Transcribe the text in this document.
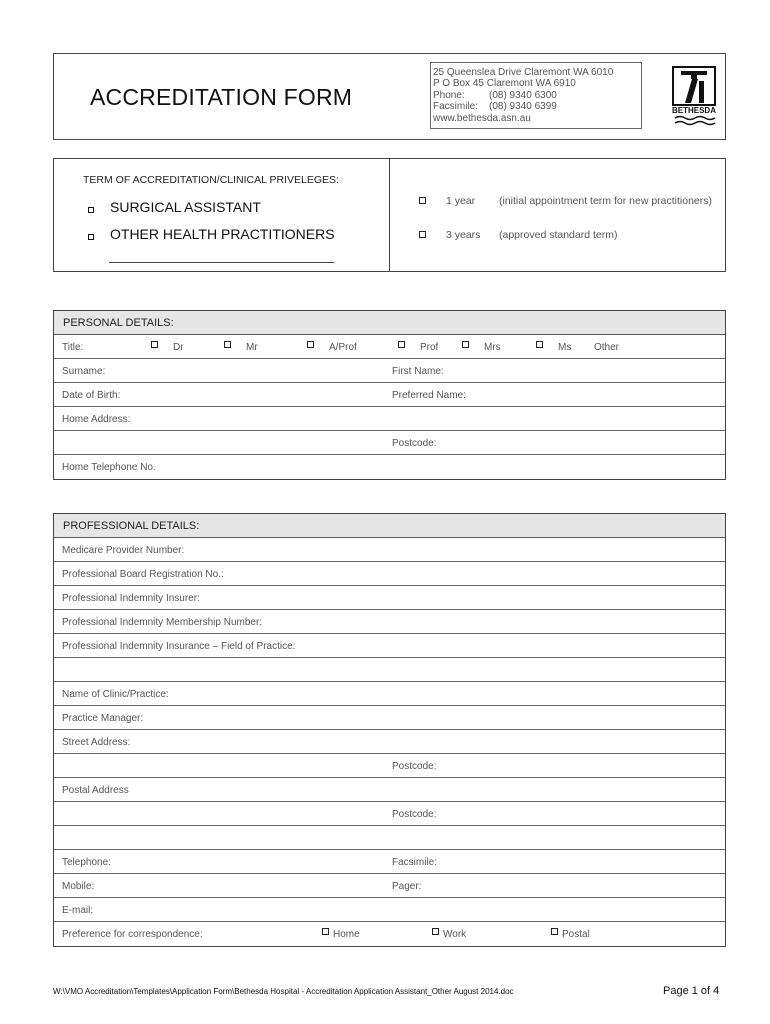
ACCREDITATION FORM
25 Queenslea Drive Claremont WA 6010
P O Box 45 Claremont WA 6910
Phone: (08) 9340 6300
Facsimile: (08) 9340 6399
www.bethesda.asn.au
BETHESDA
TERM OF ACCREDITATION/CLINICAL PRIVELEGES:
SURGICAL ASSISTANT
OTHER HEALTH PRACTITIONERS
1 year (initial appointment term for new practitioners)
3 years (approved standard term)
PERSONAL DETAILS:
Title:	Dr	Mr	A/Prof	Prof	Mrs	Ms Other
Surname:	First Name:
Date of Birth:	Preferred Name:
Home Address:
Postcode:
Home Telephone No.
PROFESSIONAL DETAILS:
Medicare Provider Number:
Professional Board Registration No.:
Professional Indemnity Insurer:
Professional Indemnity Membership Number:
Professional Indemnity Insurance – Field of Practice:
Name of Clinic/Practice:
Practice Manager:
Street Address:
Postcode:
Postal Address
Postcode:
Telephone:	Facsimile:
Mobile:	Pager:
E-mail:
Preference for correspondence:	Home	Work	Postal
W:\VMO Accreditation\Templates\Application Form\Bethesda Hospital - Accreditation Application Assistant_Other August 2014.doc	Page 1 of 4
